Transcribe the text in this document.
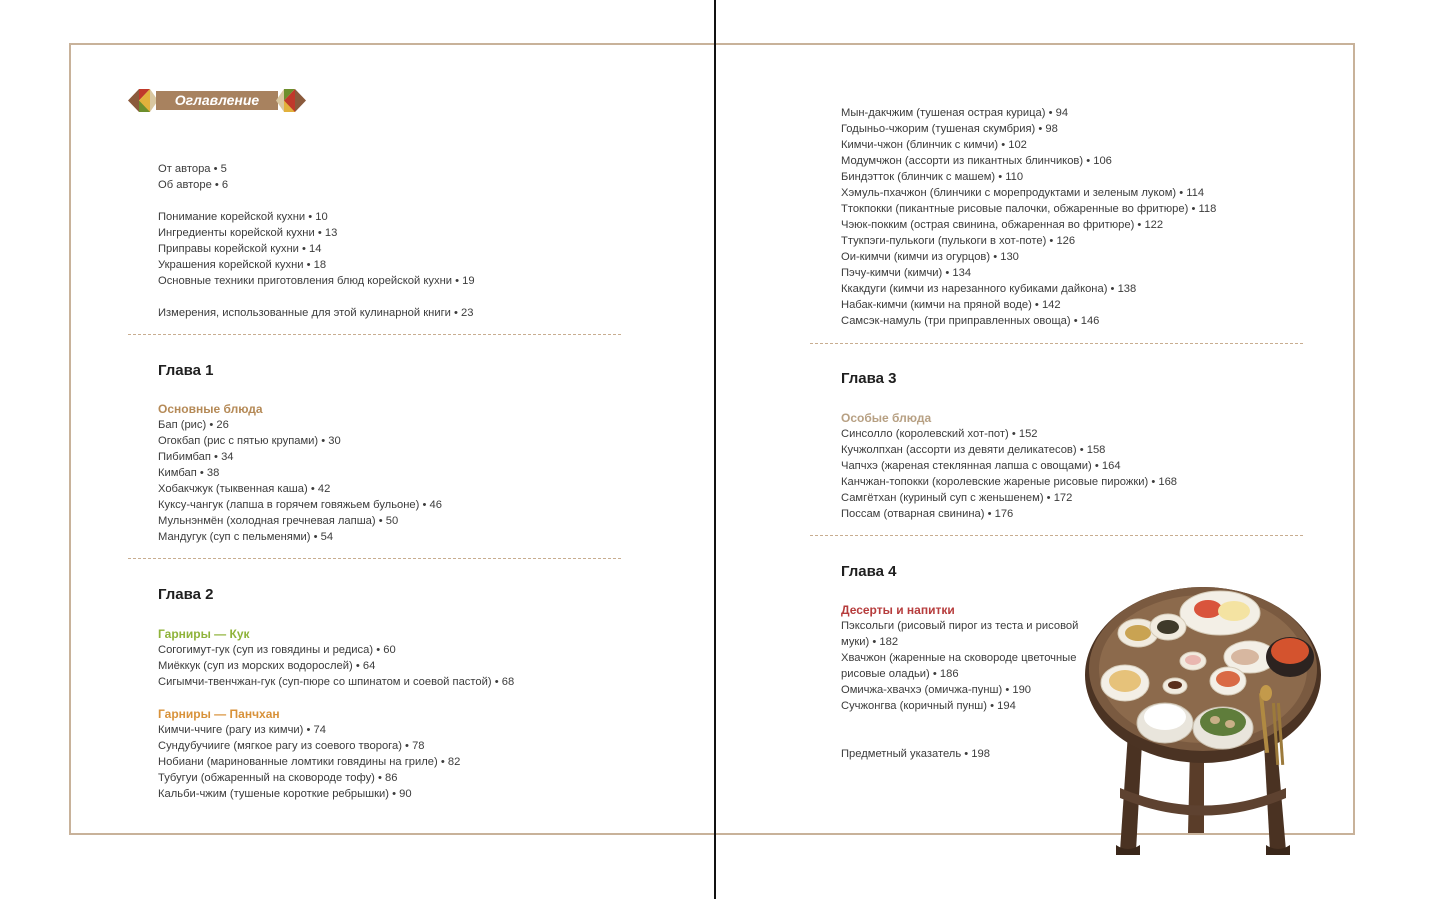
Оглавление
От автора • 5
Об авторе • 6
Понимание корейской кухни • 10
Ингредиенты корейской кухни • 13
Приправы корейской кухни • 14
Украшения корейской кухни • 18
Основные техники приготовления блюд корейской кухни • 19
Измерения, использованные для этой кулинарной книги • 23
Глава 1
Основные блюда
Бап (рис) • 26
Огокбап (рис с пятью крупами) • 30
Пибимбап • 34
Кимбап • 38
Хобакчжук (тыквенная каша) • 42
Куксу-чангук (лапша в горячем говяжьем бульоне) • 46
Мульнэнмён (холодная гречневая лапша) • 50
Мандугук (суп с пельменями) • 54
Глава 2
Гарниры — Кук
Согогимут-гук (суп из говядины и редиса) • 60
Миёккук (суп из морских водорослей) • 64
Сигымчи-твенчжан-гук (суп-пюре со шпинатом и соевой пастой) • 68
Гарниры — Панчхан
Кимчи-ччиге (рагу из кимчи) • 74
Сундубучииге (мягкое рагу из соевого творога) • 78
Нобиани (маринованные ломтики говядины на гриле) • 82
Тубугуи (обжаренный на сковороде тофу) • 86
Кальби-чжим (тушеные короткие ребрышки) • 90
Мын-дакчжим (тушеная острая курица) • 94
Годыньо-чжорим (тушеная скумбрия) • 98
Кимчи-чжон (блинчик с кимчи) • 102
Модумчжон (ассорти из пикантных блинчиков) • 106
Биндэтток (блинчик с машем) • 110
Хэмуль-пхачжон (блинчики с морепродуктами и зеленым луком) • 114
Ттокпокки (пикантные рисовые палочки, обжаренные во фритюре) • 118
Чэюк-покким (острая свинина, обжаренная во фритюре) • 122
Ттукпэги-пулькоги (пулькоги в хот-поте) • 126
Ои-кимчи (кимчи из огурцов) • 130
Пэчу-кимчи (кимчи) • 134
Ккакдуги (кимчи из нарезанного кубиками дайкона) • 138
Набак-кимчи (кимчи на пряной воде) • 142
Самсэк-намуль (три приправленных овоща) • 146
Глава 3
Особые блюда
Синсолло (королевский хот-пот) • 152
Кучжолпхан (ассорти из девяти деликатесов) • 158
Чапчхэ (жареная стеклянная лапша с овощами) • 164
Канчжан-топокки (королевские жареные рисовые пирожки) • 168
Самгётхан (куриный суп с женьшенем) • 172
Поссам (отварная свинина) • 176
Глава 4
Десерты и напитки
Пэксольги (рисовый пирог из теста и рисовой
муки) • 182
Хвачжон (жаренные на сковороде цветочные
рисовые оладьи) • 186
Омичжа-хвачхэ (омичжа-пунш) • 190
Сучжонгва (коричный пунш) • 194
Предметный указатель • 198
